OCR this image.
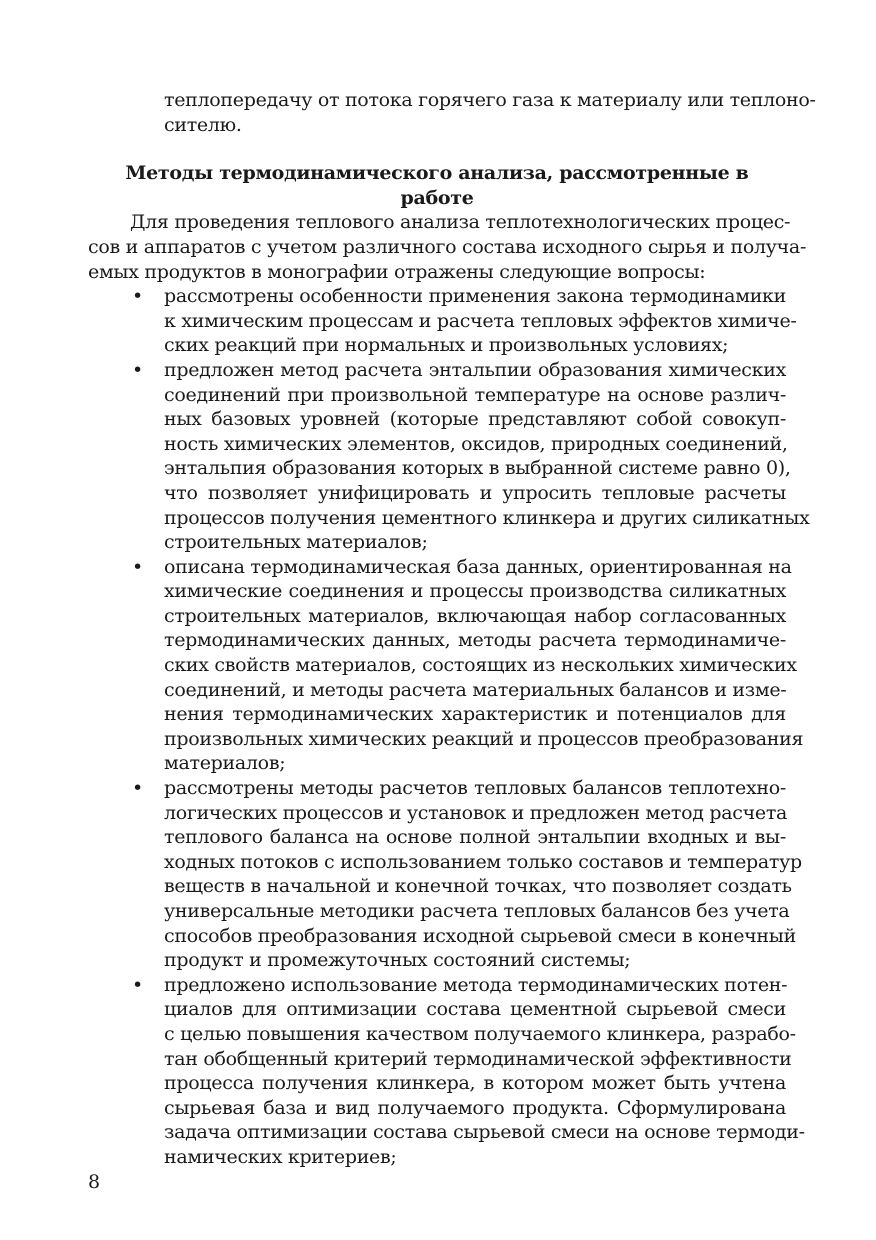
теплопередачу от потока горячего газа к материалу или теплоно-
сителю.
Методы термодинамического анализа, рассмотренные в работе
Для проведения теплового анализа теплотехнологических процес-
сов и аппаратов с учетом различного состава исходного сырья и получа-
емых продуктов в монографии отражены следующие вопросы:
• рассмотрены особенности применения закона термодинамики
к химическим процессам и расчета тепловых эффектов химиче-
ских реакций при нормальных и произвольных условиях;
• предложен метод расчета энтальпии образования химических
соединений при произвольной температуре на основе различ-
ных базовых уровней (которые представляют собой совокуп-
ность химических элементов, оксидов, природных соединений,
энтальпия образования которых в выбранной системе равно 0),
что позволяет унифицировать и упросить тепловые расчеты
процессов получения цементного клинкера и других силикатных
строительных материалов;
• описана термодинамическая база данных, ориентированная на
химические соединения и процессы производства силикатных
строительных материалов, включающая набор согласованных
термодинамических данных, методы расчета термодинамиче-
ских свойств материалов, состоящих из нескольких химических
соединений, и методы расчета материальных балансов и изме-
нения термодинамических характеристик и потенциалов для
произвольных химических реакций и процессов преобразования
материалов;
• рассмотрены методы расчетов тепловых балансов теплотехно-
логических процессов и установок и предложен метод расчета
теплового баланса на основе полной энтальпии входных и вы-
ходных потоков с использованием только составов и температур
веществ в начальной и конечной точках, что позволяет создать
универсальные методики расчета тепловых балансов без учета
способов преобразования исходной сырьевой смеси в конечный
продукт и промежуточных состояний системы;
• предложено использование метода термодинамических потен-
циалов для оптимизации состава цементной сырьевой смеси
с целью повышения качеством получаемого клинкера, разрабо-
тан обобщенный критерий термодинамической эффективности
процесса получения клинкера, в котором может быть учтена
сырьевая база и вид получаемого продукта. Сформулирована
задача оптимизации состава сырьевой смеси на основе термоди-
намических критериев;
8
